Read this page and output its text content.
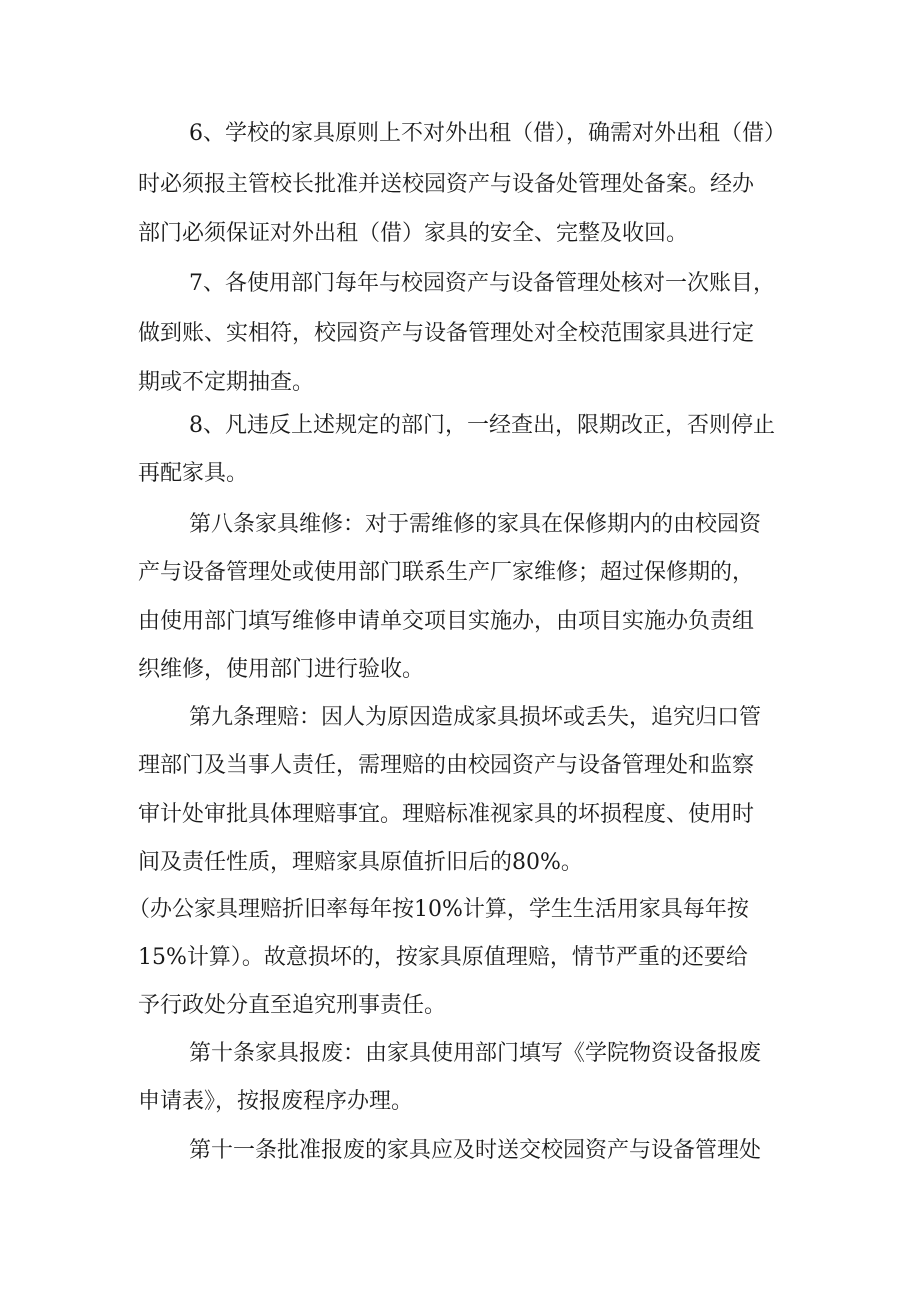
6、学校的家具原则上不对外出租（借），确需对外出租（借）
时必须报主管校长批准并送校园资产与设备处管理处备案。经办
部门必须保证对外出租（借）家具的安全、完整及收回。
7、各使用部门每年与校园资产与设备管理处核对一次账目，
做到账、实相符，校园资产与设备管理处对全校范围家具进行定
期或不定期抽查。
8、凡违反上述规定的部门，一经查出，限期改正，否则停止
再配家具。
第八条家具维修：对于需维修的家具在保修期内的由校园资
产与设备管理处或使用部门联系生产厂家维修；超过保修期的，
由使用部门填写维修申请单交项目实施办，由项目实施办负责组
织维修，使用部门进行验收。
第九条理赔：因人为原因造成家具损坏或丢失，追究归口管
理部门及当事人责任，需理赔的由校园资产与设备管理处和监察
审计处审批具体理赔事宜。理赔标准视家具的坏损程度、使用时
间及责任性质，理赔家具原值折旧后的80%。
（办公家具理赔折旧率每年按10%计算，学生生活用家具每年按
15%计算）。故意损坏的，按家具原值理赔，情节严重的还要给
予行政处分直至追究刑事责任。
第十条家具报废：由家具使用部门填写《学院物资设备报废
申请表》，按报废程序办理。
第十一条批准报废的家具应及时送交校园资产与设备管理处
